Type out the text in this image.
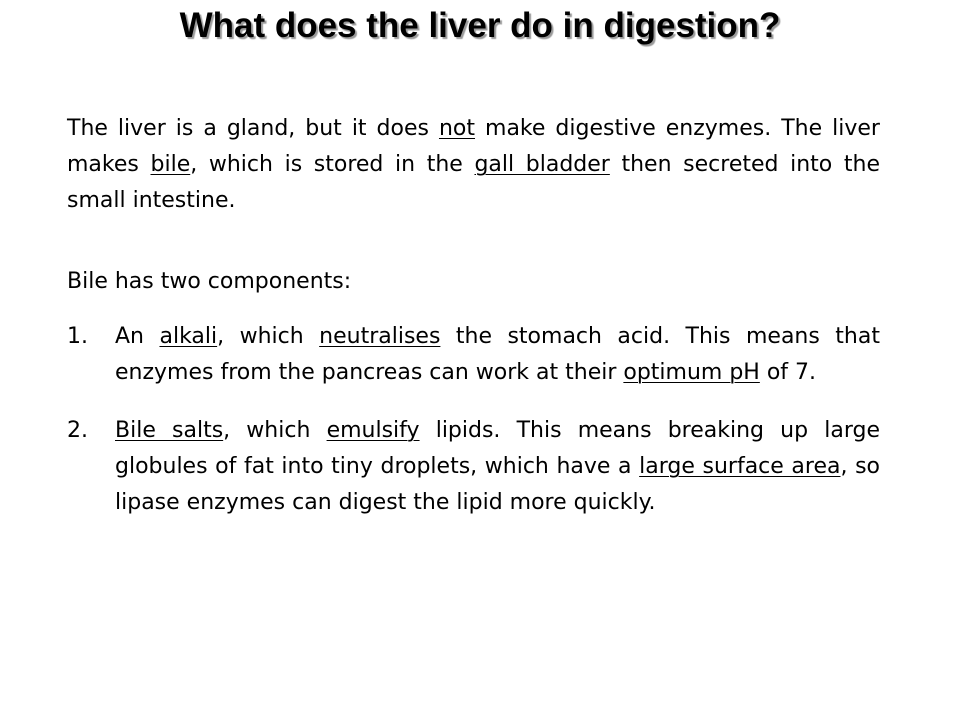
What does the liver do in digestion?

The liver is a gland, but it does not make digestive enzymes. The liver makes bile, which is stored in the gall bladder then secreted into the small intestine.

Bile has two components:

1. An alkali, which neutralises the stomach acid. This means that enzymes from the pancreas can work at their optimum pH of 7.
2. Bile salts, which emulsify lipids. This means breaking up large globules of fat into tiny droplets, which have a large surface area, so lipase enzymes can digest the lipid more quickly.
